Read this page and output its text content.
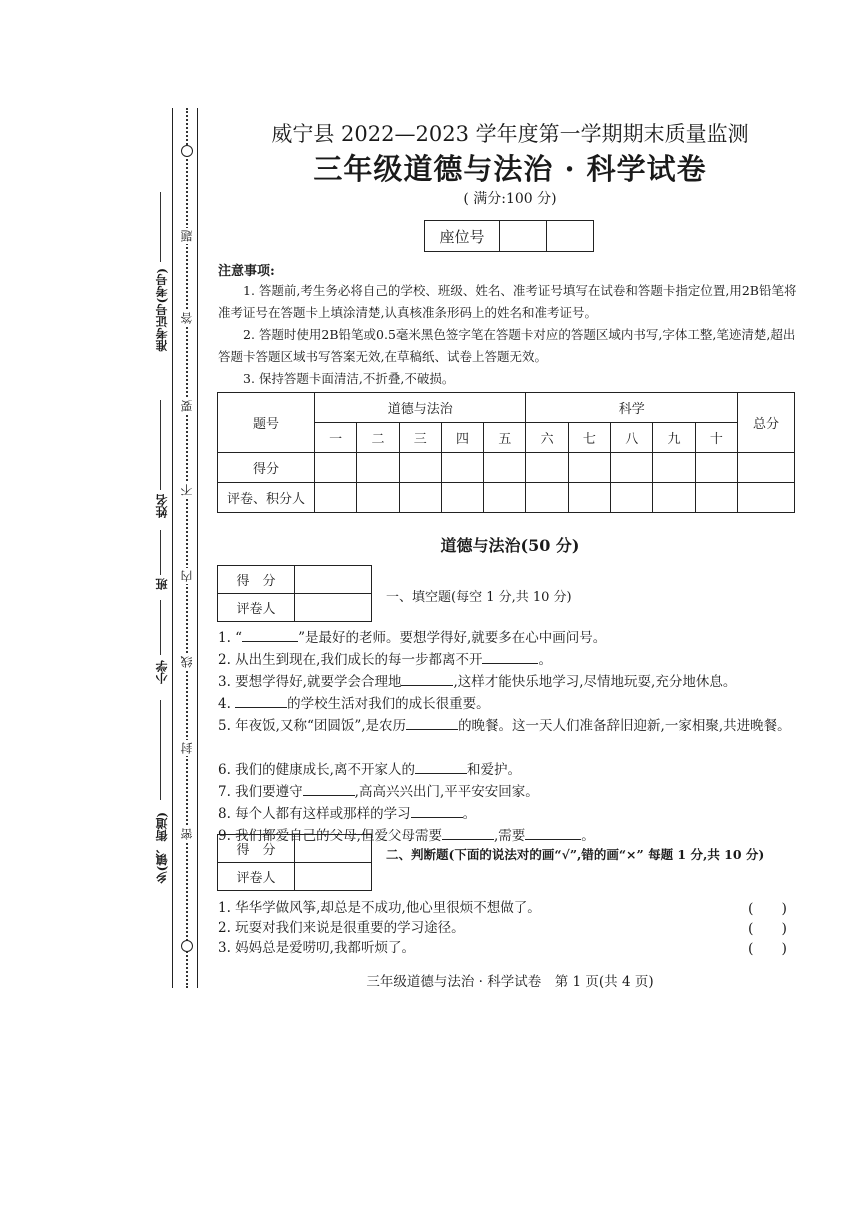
准考证号(考号)
姓名
班
小学
乡(镇、街道)
题
答
要
不
内
线
封
密
威宁县 2022—2023 学年度第一学期期末质量监测
三年级道德与法治 · 科学试卷
( 满分:100 分)
座位号		
注意事项:
1. 答题前,考生务必将自己的学校、班级、姓名、准考证号填写在试卷和答题卡指定位置,用2B铅笔将准考证号在答题卡上填涂清楚,认真核准条形码上的姓名和准考证号。
2. 答题时使用2B铅笔或0.5毫米黑色签字笔在答题卡对应的答题区域内书写,字体工整,笔迹清楚,超出答题卡答题区域书写答案无效,在草稿纸、试卷上答题无效。
3. 保持答题卡面清洁,不折叠,不破损。
题号	道德与法治					科学					总分
	一	二	三	四	五	六	七	八	九	十	
得分											
评卷、积分人											
道德与法治(50 分)
得　分	
评卷人	
一、填空题(每空 1 分,共 10 分)
1. “	”是最好的老师。要想学得好,就要多在心中画问号。
2. 从出生到现在,我们成长的每一步都离不开	。
3. 要想学得好,就要学会合理地	,这样才能快乐地学习,尽情地玩耍,充分地休息。
4.	的学校生活对我们的成长很重要。
5. 年夜饭,又称“团圆饭”,是农历	的晚餐。这一天人们准备辞旧迎新,一家相聚,共进晚餐。
6. 我们的健康成长,离不开家人的	和爱护。
7. 我们要遵守	,高高兴兴出门,平平安安回家。
8. 每个人都有这样或那样的学习	。
9. 我们都爱自己的父母,但爱父母需要	,需要	。
得　分	
评卷人	
二、判断题(下面的说法对的画“√”,错的画“×” 每题 1 分,共 10 分)
1. 华华学做风筝,却总是不成功,他心里很烦不想做了。	(　　)
2. 玩耍对我们来说是很重要的学习途径。	(　　)
3. 妈妈总是爱唠叨,我都听烦了。	(　　)
三年级道德与法治 · 科学试卷　第 1 页(共 4 页)
